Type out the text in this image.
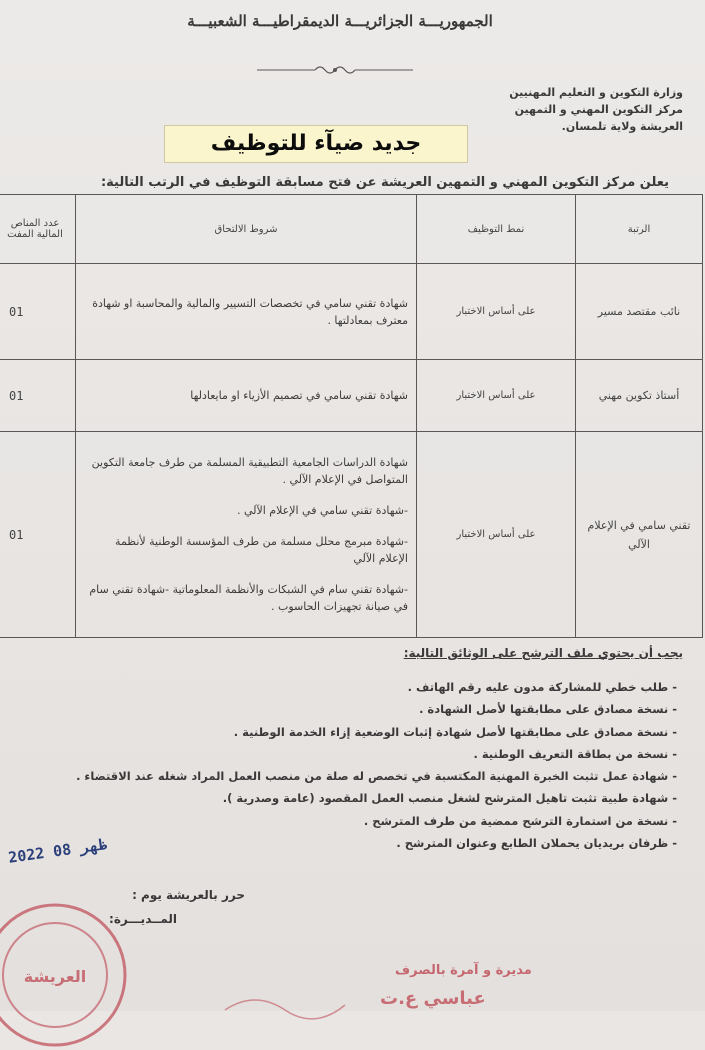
الجمهوريـــة الجزائريـــة الديمقراطيـــة الشعبيـــة
وزارة التكوين و التعليم المهنيين
مركز التكوين المهني و التمهين
العريشة ولاية تلمسان.
جديد ضيآء للتوظيف
يعلن مركز التكوين المهني و التمهين العريشة عن فتح مسابقة التوظيف في الرتب التالية:
الرتبة	نمط التوظيف	شروط الالتحاق	عدد المناص
المالية المفت

نائب مقتصد مسير	على أساس الاختبار	شهادة تقني سامي في تخصصات التسيير والمالية والمحاسبة او شهادة معترف بمعادلتها .	01
أستاذ تكوين مهني	على أساس الاختبار	شهادة تقني سامي في تصميم الأزياء او مايعادلها	01
تقني سامي في الإعلام الآلي	على أساس الاختبار	شهادة الدراسات الجامعية التطبيقية المسلمة من طرف جامعة التكوين المتواصل في الإعلام الآلي .

-شهادة تقني سامي في الإعلام الآلي .

-شهادة مبرمج محلل مسلمة من طرف المؤسسة الوطنية لأنظمة الإعلام الآلي

-شهادة تقني سام في الشبكات والأنظمة المعلوماتية -شهادة تقني سام في صيانة تجهيزات الحاسوب .	01
يجب أن يحتوي ملف الترشح على الوثائق التالية:
- طلب خطي للمشاركة مدون عليه رقم الهاتف .
- نسخة مصادق على مطابقتها لأصل الشهادة .
- نسخة مصادق على مطابقتها لأصل شهادة إثبات الوضعية إزاء الخدمة الوطنية .
- نسخة من بطاقة التعريف الوطنية .
- شهادة عمل تثبت الخبرة المهنية المكتسبة في تخصص له صلة من منصب العمل المراد شغله عند الاقتضاء .
- شهادة طبية تثبت تاهيل المترشح لشغل منصب العمل المقصود (عامة وصدرية ).
- نسخة من استمارة الترشح ممضية من طرف المترشح .
- ظرفان بريديان يحملان الطابع وعنوان المترشح .
2022 ﻇﻬﺮ 08
حرر بالعريشة يوم :
المــديـــرة:
العريشة	مديرة و آمرة بالصرف
عباسي ع.ت
